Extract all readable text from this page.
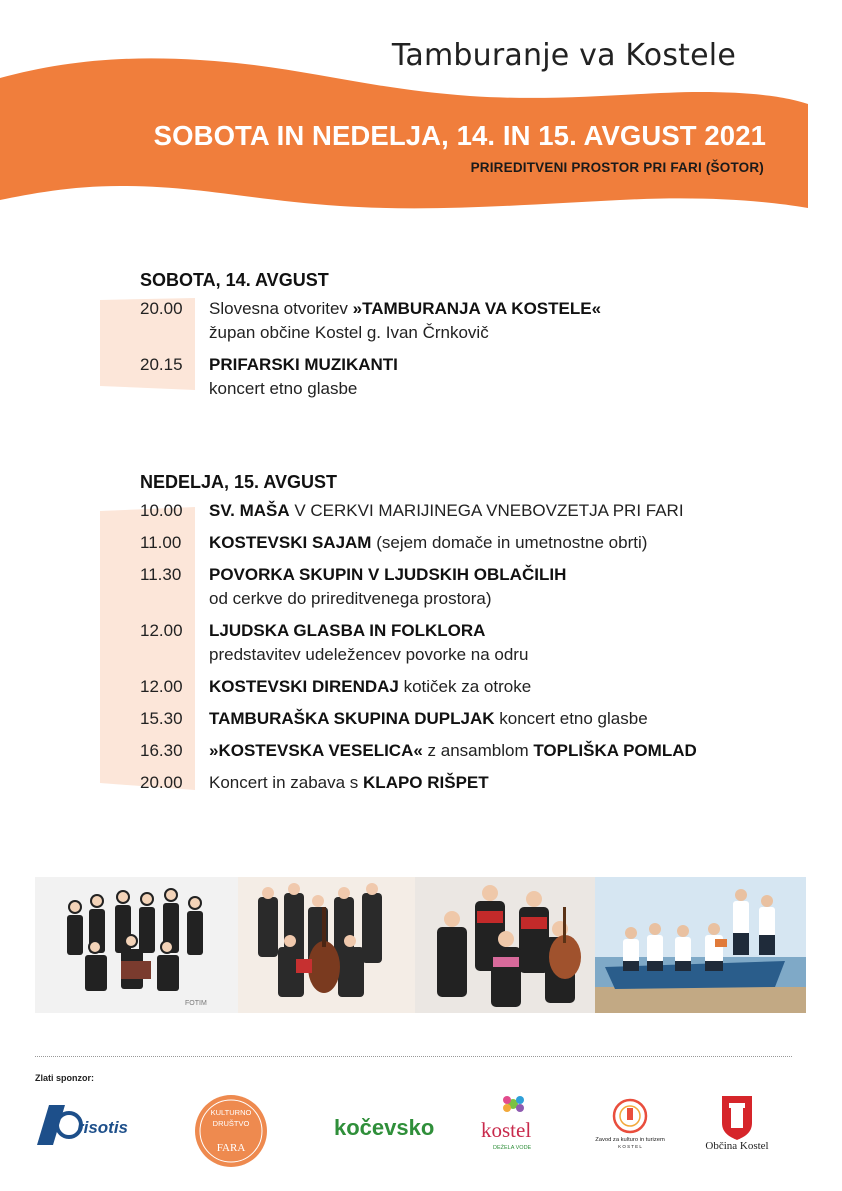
Tamburanje va Kostele
SOBOTA IN NEDELJA, 14. IN 15. AVGUST 2021
PRIREDITVENI PROSTOR PRI FARI (ŠOTOR)
SOBOTA, 14. AVGUST
20.00	Slovesna otvoritev »TAMBURANJA VA KOSTELE«
župan občine Kostel g. Ivan Črnkovič
20.15	PRIFARSKI MUZIKANTI
koncert etno glasbe
NEDELJA, 15. AVGUST
10.00	SV. MAŠA V CERKVI MARIJINEGA VNEBOVZETJA PRI FARI
11.00	KOSTEVSKI SAJAM (sejem domače in umetnostne obrti)
11.30	POVORKA SKUPIN V LJUDSKIH OBLAČILIH
od cerkve do prireditvenega prostora)
12.00	LJUDSKA GLASBA IN FOLKLORA
predstavitev udeležencev povorke na odru
12.00	KOSTEVSKI DIRENDAJ kotiček za otroke
15.30	TAMBURAŠKA SKUPINA DUPLJAK koncert etno glasbe
16.30	»KOSTEVSKA VESELICA« z ansamblom TOPLIŠKA POMLAD
20.00	Koncert in zabava s KLAPO RIŠPET
FOTIM
Zlati sponzor:
risotis
KULTURNO
DRUŠTVO
FARA
kočevsko kostel
DEŽELA VODE
Zavod za kulturo in turizem
K O S T E L	Občina Kostel
